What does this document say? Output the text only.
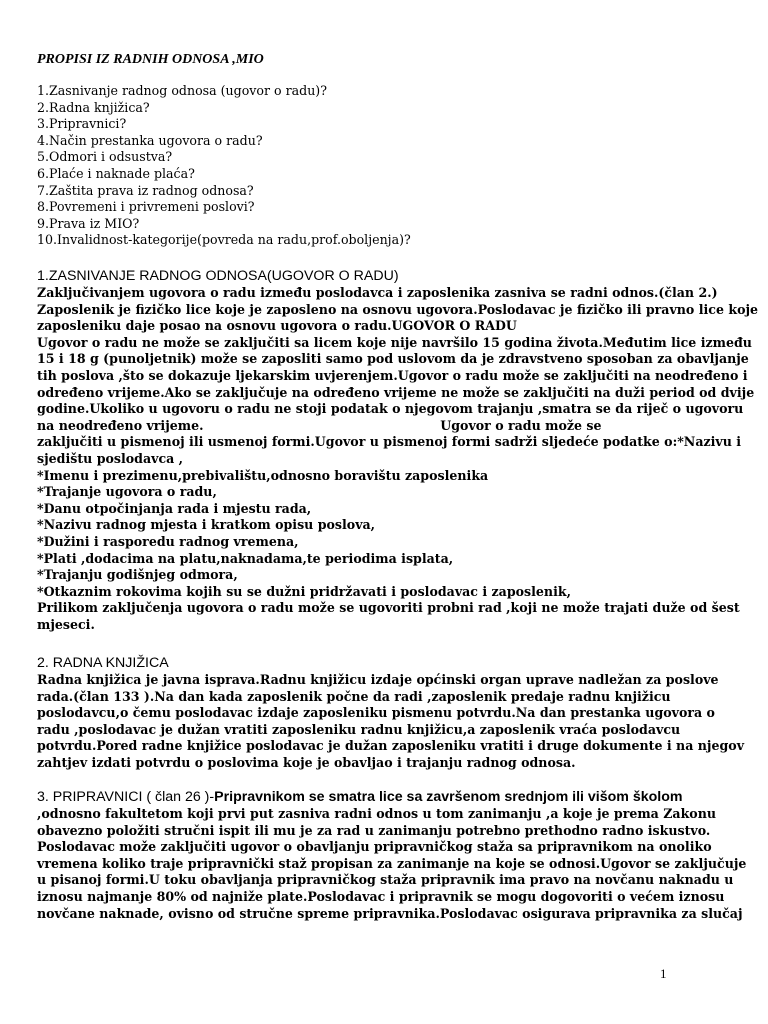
PROPISI IZ RADNIH ODNOSA ,MIO
1.Zasnivanje radnog odnosa (ugovor o radu)?
2.Radna knjižica?
3.Pripravnici?
4.Način prestanka ugovora o radu?
5.Odmori i odsustva?
6.Plaće i naknade plaća?
7.Zaštita prava iz radnog odnosa?
8.Povremeni i privremeni poslovi?
9.Prava iz MIO?
10.Invalidnost-kategorije(povreda na radu,prof.oboljenja)?
1.ZASNIVANJE RADNOG ODNOSA(UGOVOR O RADU)
Zaključivanjem ugovora o radu između poslodavca i zaposlenika zasniva se radni odnos.(član 2.)
Zaposlenik je fizičko lice koje je zaposleno na osnovu ugovora.Poslodavac je fizičko ili pravno lice koje
zaposleniku daje posao na osnovu ugovora o radu.UGOVOR O RADU
Ugovor o radu ne može se zaključiti sa licem koje nije navršilo 15 godina života.Međutim lice između
15 i 18 g (punoljetnik) može se zaposliti samo pod uslovom da je zdravstveno sposoban za obavljanje
tih poslova ,što se dokazuje ljekarskim uvjerenjem.Ugovor o radu može se zaključiti na neodređeno i
određeno vrijeme.Ako se zaključuje na određeno vrijeme ne može se zaključiti na duži period od dvije
godine.Ukoliko u ugovoru o radu ne stoji podatak o njegovom trajanju ,smatra se da riječ o ugovoru
na neodređeno vrijeme.                                                      Ugovor o radu može se
zaključiti u pismenoj ili usmenoj formi.Ugovor u pismenoj formi sadrži sljedeće podatke o:*Nazivu i
sjedištu poslodavca ,
*Imenu i prezimenu,prebivalištu,odnosno boravištu zaposlenika
*Trajanje ugovora o radu,
*Danu otpočinjanja rada i mjestu rada,
*Nazivu radnog mjesta i kratkom opisu poslova,
*Dužini i rasporedu radnog vremena,
*Plati ,dodacima na platu,naknadama,te periodima isplata,
*Trajanju godišnjeg odmora,
*Otkaznim rokovima kojih su se dužni pridržavati i poslodavac i zaposlenik,
Prilikom zaključenja ugovora o radu može se ugovoriti probni rad ,koji ne može trajati duže od šest
mjeseci.
2. RADNA KNJIŽICA
Radna knjižica je javna isprava.Radnu knjižicu izdaje općinski organ uprave nadležan za poslove
rada.(član 133 ).Na dan kada zaposlenik počne da radi ,zaposlenik predaje radnu knjižicu
poslodavcu,o čemu poslodavac izdaje zaposleniku pismenu potvrdu.Na dan prestanka ugovora o
radu ,poslodavac je dužan vratiti zaposleniku radnu knjižicu,a zaposlenik vraća poslodavcu
potvrdu.Pored radne knjižice poslodavac je dužan zaposleniku vratiti i druge dokumente i na njegov
zahtjev izdati potvrdu o poslovima koje je obavljao i trajanju radnog odnosa.
3. PRIPRAVNICI ( član 26 )-Pripravnikom se smatra lice sa završenom srednjom ili višom školom
,odnosno fakultetom koji prvi put zasniva radni odnos u tom zanimanju ,a koje je prema Zakonu
obavezno položiti stručni ispit ili mu je za rad u zanimanju potrebno prethodno radno iskustvo.
Poslodavac može zaključiti ugovor o obavljanju pripravničkog staža sa pripravnikom na onoliko
vremena koliko traje pripravnički staž propisan za zanimanje na koje se odnosi.Ugovor se zaključuje
u pisanoj formi.U toku obavljanja pripravničkog staža pripravnik ima pravo na novčanu naknadu u
iznosu najmanje 80% od najniže plate.Poslodavac i pripravnik se mogu dogovoriti o većem iznosu
novčane naknade, ovisno od stručne spreme pripravnika.Poslodavac osigurava pripravnika za slučaj
1
